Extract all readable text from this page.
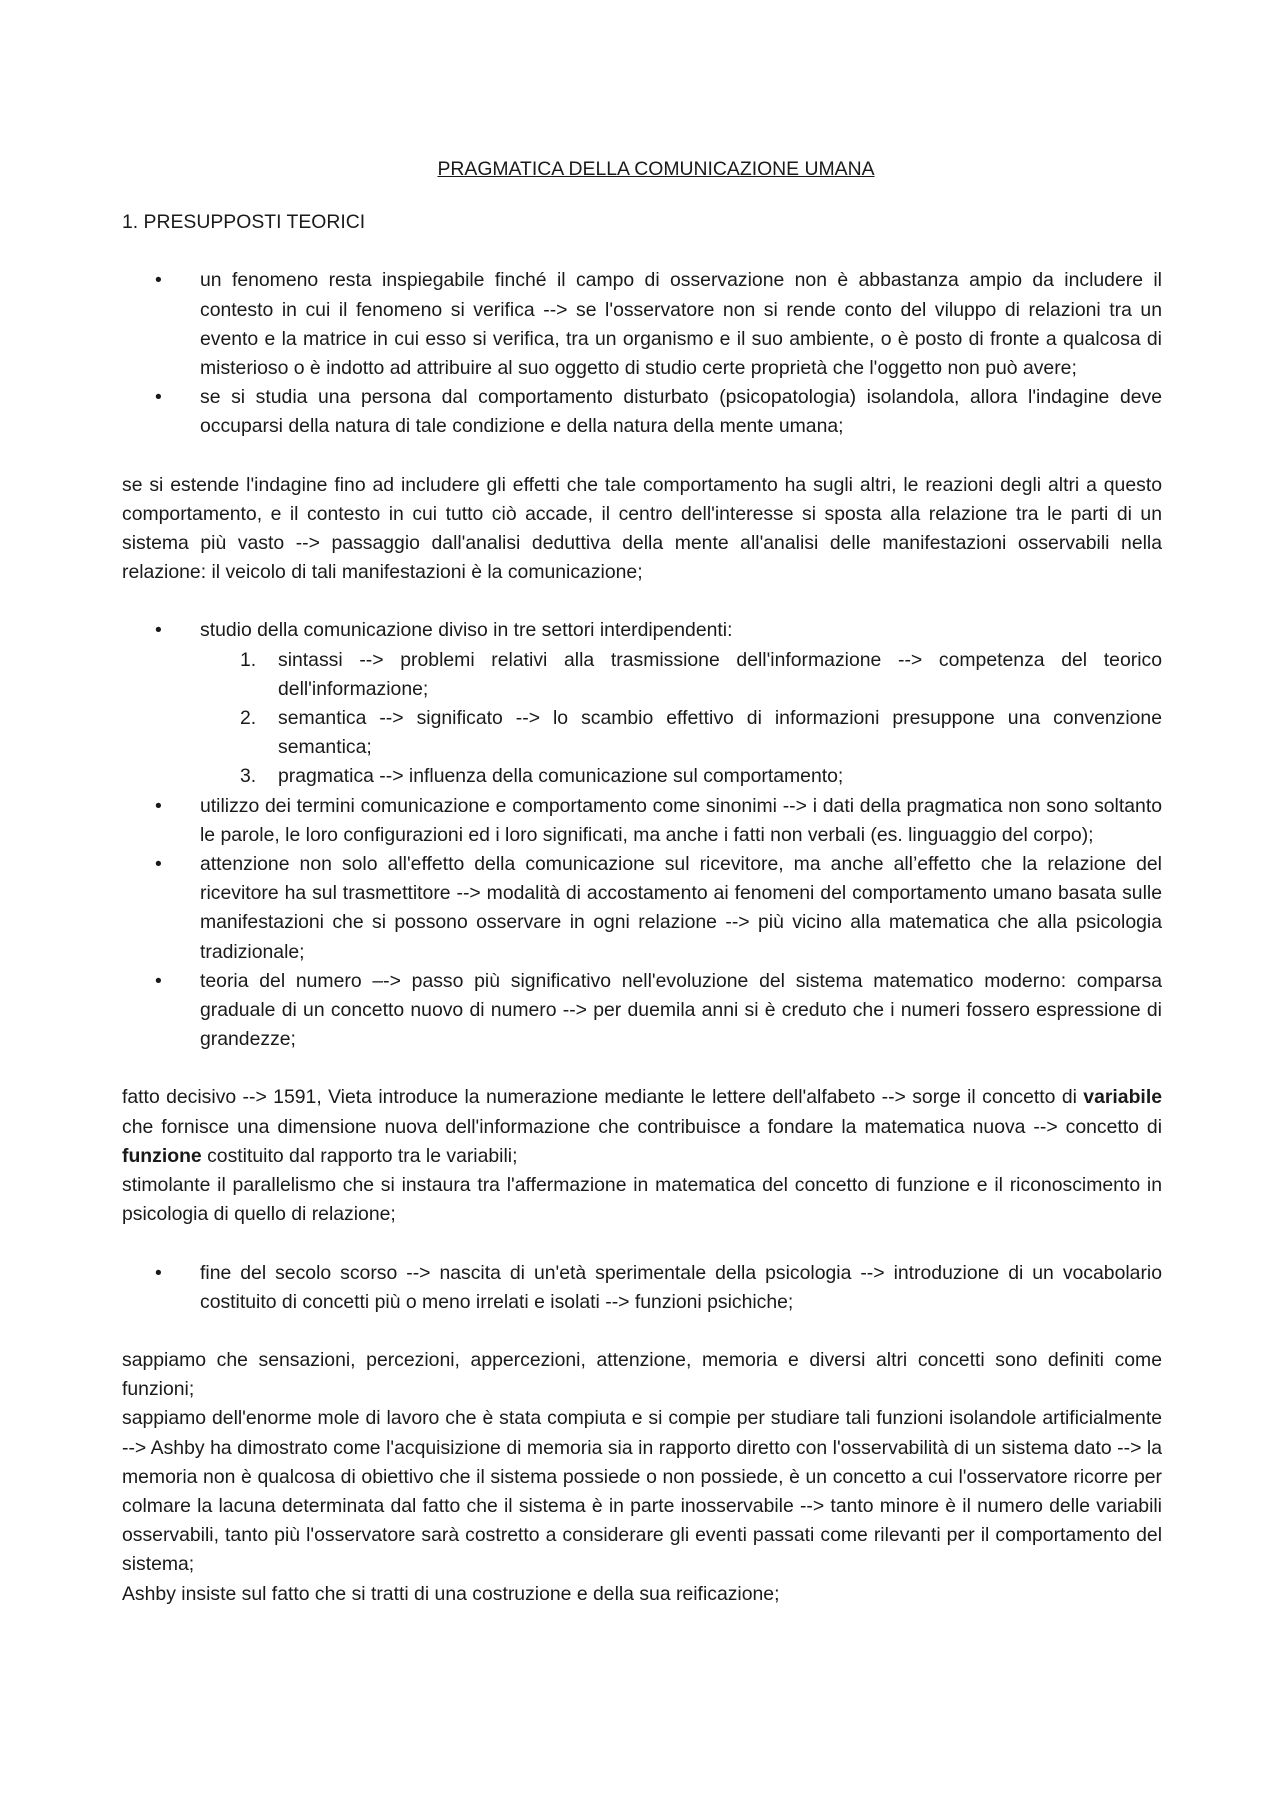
PRAGMATICA DELLA COMUNICAZIONE UMANA
1. PRESUPPOSTI TEORICI
• un fenomeno resta inspiegabile finché il campo di osservazione non è abbastanza ampio da includere il contesto in cui il fenomeno si verifica --> se l'osservatore non si rende conto del viluppo di relazioni tra un evento e la matrice in cui esso si verifica, tra un organismo e il suo ambiente, o è posto di fronte a qualcosa di misterioso o è indotto ad attribuire al suo oggetto di studio certe proprietà che l'oggetto non può avere;
• se si studia una persona dal comportamento disturbato (psicopatologia) isolandola, allora l'indagine deve occuparsi della natura di tale condizione e della natura della mente umana;

se si estende l'indagine fino ad includere gli effetti che tale comportamento ha sugli altri, le reazioni degli altri a questo comportamento, e il contesto in cui tutto ciò accade, il centro dell'interesse si sposta alla relazione tra le parti di un sistema più vasto --> passaggio dall'analisi deduttiva della mente all'analisi delle manifestazioni osservabili nella relazione: il veicolo di tali manifestazioni è la comunicazione;

• studio della comunicazione diviso in tre settori interdipendenti:
1. sintassi --> problemi relativi alla trasmissione dell'informazione --> competenza del teorico dell'informazione;
2. semantica --> significato --> lo scambio effettivo di informazioni presuppone una convenzione semantica;
3. pragmatica --> influenza della comunicazione sul comportamento;
• utilizzo dei termini comunicazione e comportamento come sinonimi --> i dati della pragmatica non sono soltanto le parole, le loro configurazioni ed i loro significati, ma anche i fatti non verbali (es. linguaggio del corpo);
• attenzione non solo all'effetto della comunicazione sul ricevitore, ma anche all’effetto che la relazione del ricevitore ha sul trasmettitore --> modalità di accostamento ai fenomeni del comportamento umano basata sulle manifestazioni che si possono osservare in ogni relazione --> più vicino alla matematica che alla psicologia tradizionale;
• teoria del numero –-> passo più significativo nell'evoluzione del sistema matematico moderno: comparsa graduale di un concetto nuovo di numero --> per duemila anni si è creduto che i numeri fossero espressione di grandezze;

fatto decisivo --> 1591, Vieta introduce la numerazione mediante le lettere dell'alfabeto --> sorge il concetto di variabile che fornisce una dimensione nuova dell'informazione che contribuisce a fondare la matematica nuova --> concetto di funzione costituito dal rapporto tra le variabili;

stimolante il parallelismo che si instaura tra l'affermazione in matematica del concetto di funzione e il riconoscimento in psicologia di quello di relazione;

• fine del secolo scorso --> nascita di un'età sperimentale della psicologia --> introduzione di un vocabolario costituito di concetti più o meno irrelati e isolati --> funzioni psichiche;

sappiamo che sensazioni, percezioni, appercezioni, attenzione, memoria e diversi altri concetti sono definiti come funzioni;

sappiamo dell'enorme mole di lavoro che è stata compiuta e si compie per studiare tali funzioni isolandole artificialmente --> Ashby ha dimostrato come l'acquisizione di memoria sia in rapporto diretto con l'osservabilità di un sistema dato --> la memoria non è qualcosa di obiettivo che il sistema possiede o non possiede, è un concetto a cui l'osservatore ricorre per colmare la lacuna determinata dal fatto che il sistema è in parte inosservabile --> tanto minore è il numero delle variabili osservabili, tanto più l'osservatore sarà costretto a considerare gli eventi passati come rilevanti per il comportamento del sistema;

Ashby insiste sul fatto che si tratti di una costruzione e della sua reificazione;
